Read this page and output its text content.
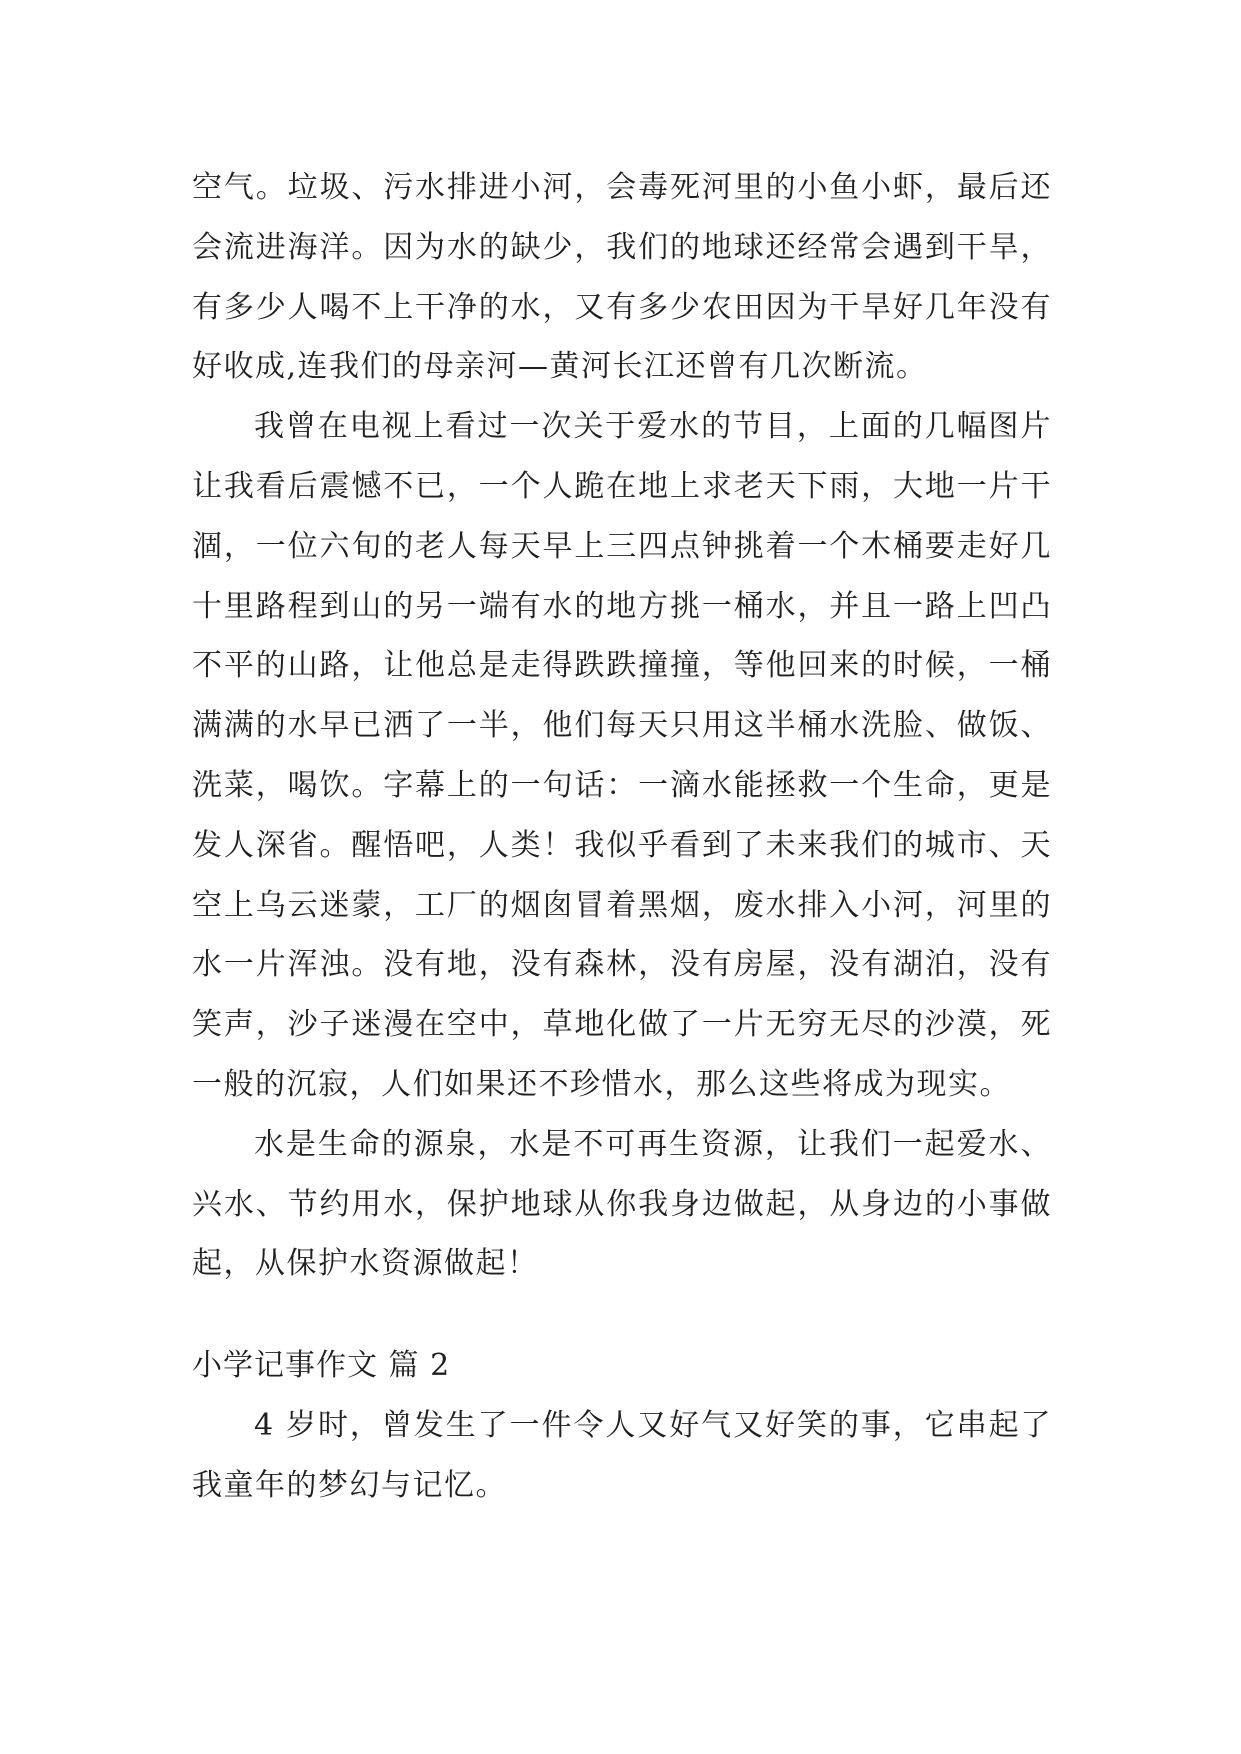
空气。垃圾、污水排进小河，会毒死河里的小鱼小虾，最后还会流进海洋。因为水的缺少，我们的地球还经常会遇到干旱，有多少人喝不上干净的水，又有多少农田因为干旱好几年没有好收成,连我们的母亲河—黄河长江还曾有几次断流。

我曾在电视上看过一次关于爱水的节目，上面的几幅图片让我看后震憾不已，一个人跪在地上求老天下雨，大地一片干涸，一位六旬的老人每天早上三四点钟挑着一个木桶要走好几十里路程到山的另一端有水的地方挑一桶水，并且一路上凹凸不平的山路，让他总是走得跌跌撞撞，等他回来的时候，一桶满满的水早已洒了一半，他们每天只用这半桶水洗脸、做饭、洗菜，喝饮。字幕上的一句话：一滴水能拯救一个生命，更是发人深省。醒悟吧，人类！我似乎看到了未来我们的城市、天空上乌云迷蒙，工厂的烟囱冒着黑烟，废水排入小河，河里的水一片浑浊。没有地，没有森林，没有房屋，没有湖泊，没有笑声，沙子迷漫在空中，草地化做了一片无穷无尽的沙漠，死一般的沉寂，人们如果还不珍惜水，那么这些将成为现实。

水是生命的源泉，水是不可再生资源，让我们一起爱水、兴水、节约用水，保护地球从你我身边做起，从身边的小事做起，从保护水资源做起！

小学记事作文 篇 2

4 岁时，曾发生了一件令人又好气又好笑的事，它串起了我童年的梦幻与记忆。
